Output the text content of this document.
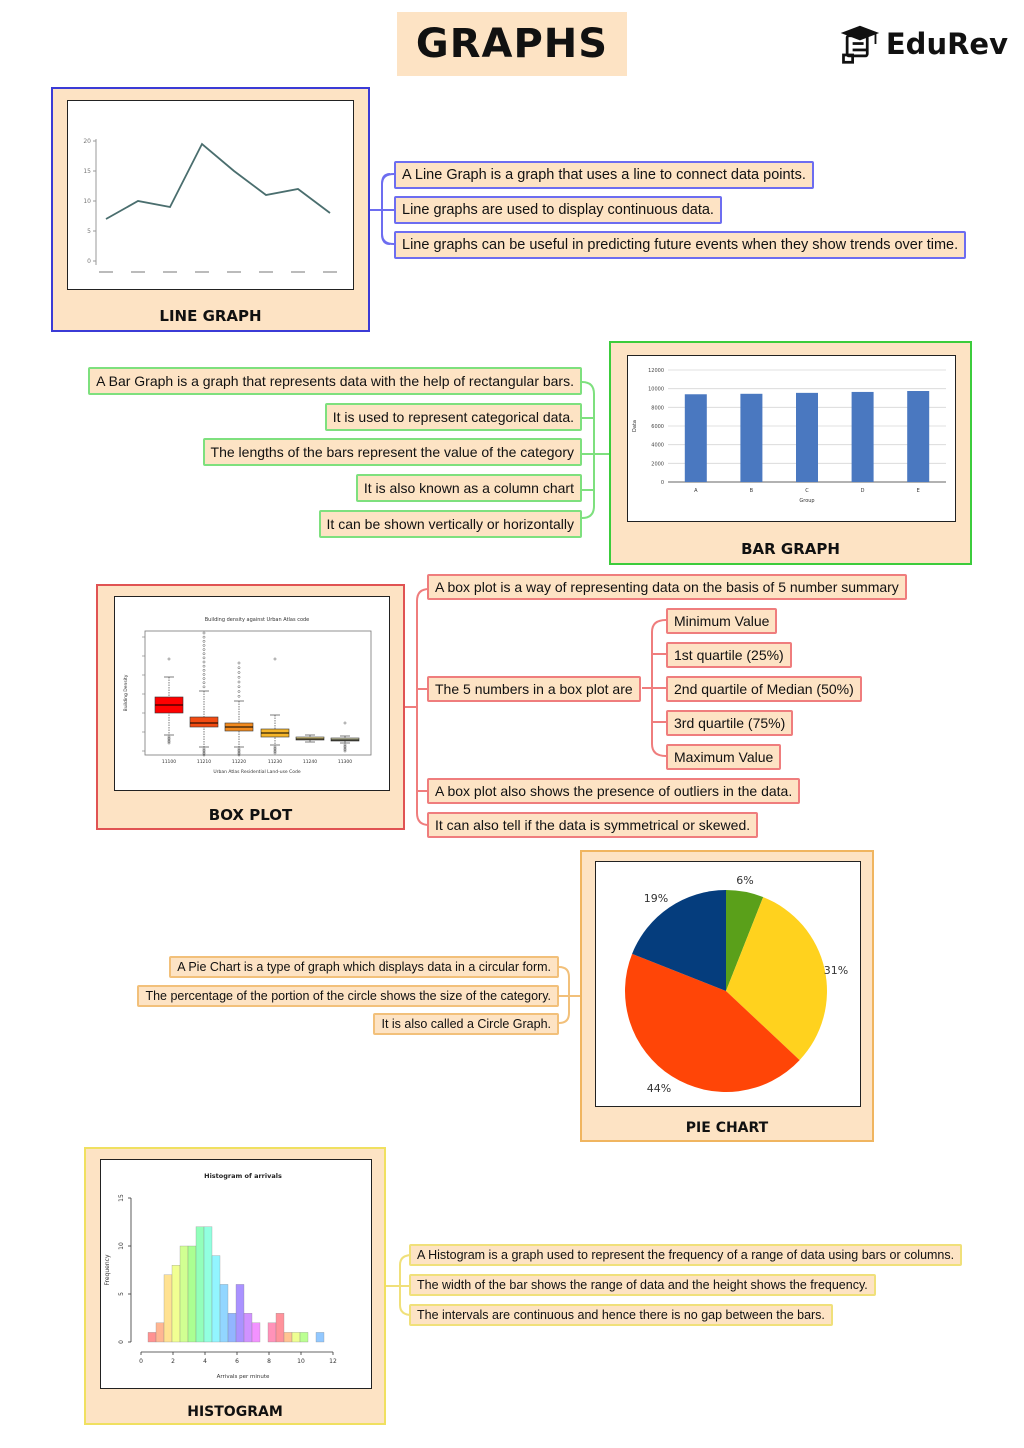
GRAPHS	EduRev
0
5
10
15
20
LINE GRAPH
A Line Graph is a graph that uses a line to connect data points.
Line graphs are used to display continuous data.
Line graphs can be useful in predicting future events when they show trends over time.
A Bar Graph is a graph that represents data with the help of rectangular bars.
It is used to represent categorical data.
The lengths of the bars represent the value of the category
It is also known as a column chart
It can be shown vertically or horizontally
0
2000
4000
6000
8000
10000
12000
A	B	C	D	E
Group
Data
BAR GRAPH
Building density against Urban Atlas code
Urban Atlas Residential Land-use Code
Building Density
11100	11210	11220	11230	11240	11300
BOX PLOT
A box plot is a way of representing data on the basis of 5 number summary
The 5 numbers in a box plot are
Minimum Value
1st quartile (25%)
2nd quartile of Median (50%)
3rd quartile (75%)
Maximum Value
A box plot also shows the presence of outliers in the data.
It can also tell if the data is symmetrical or skewed.
A Pie Chart is a type of graph which displays data in a circular form.
The percentage of the portion of the circle shows the size of the category.
It is also called a Circle Graph.
6%
31%
44%
19%
PIE CHART
Histogram of arrivals
0
5
10
15
Frequency
0	2	4	6	8	10	12
Arrivals per minute
HISTOGRAM
A Histogram is a graph used to represent the frequency of a range of data using bars or columns.
The width of the bar shows the range of data and the height shows the frequency.
The intervals are continuous and hence there is no gap between the bars.
